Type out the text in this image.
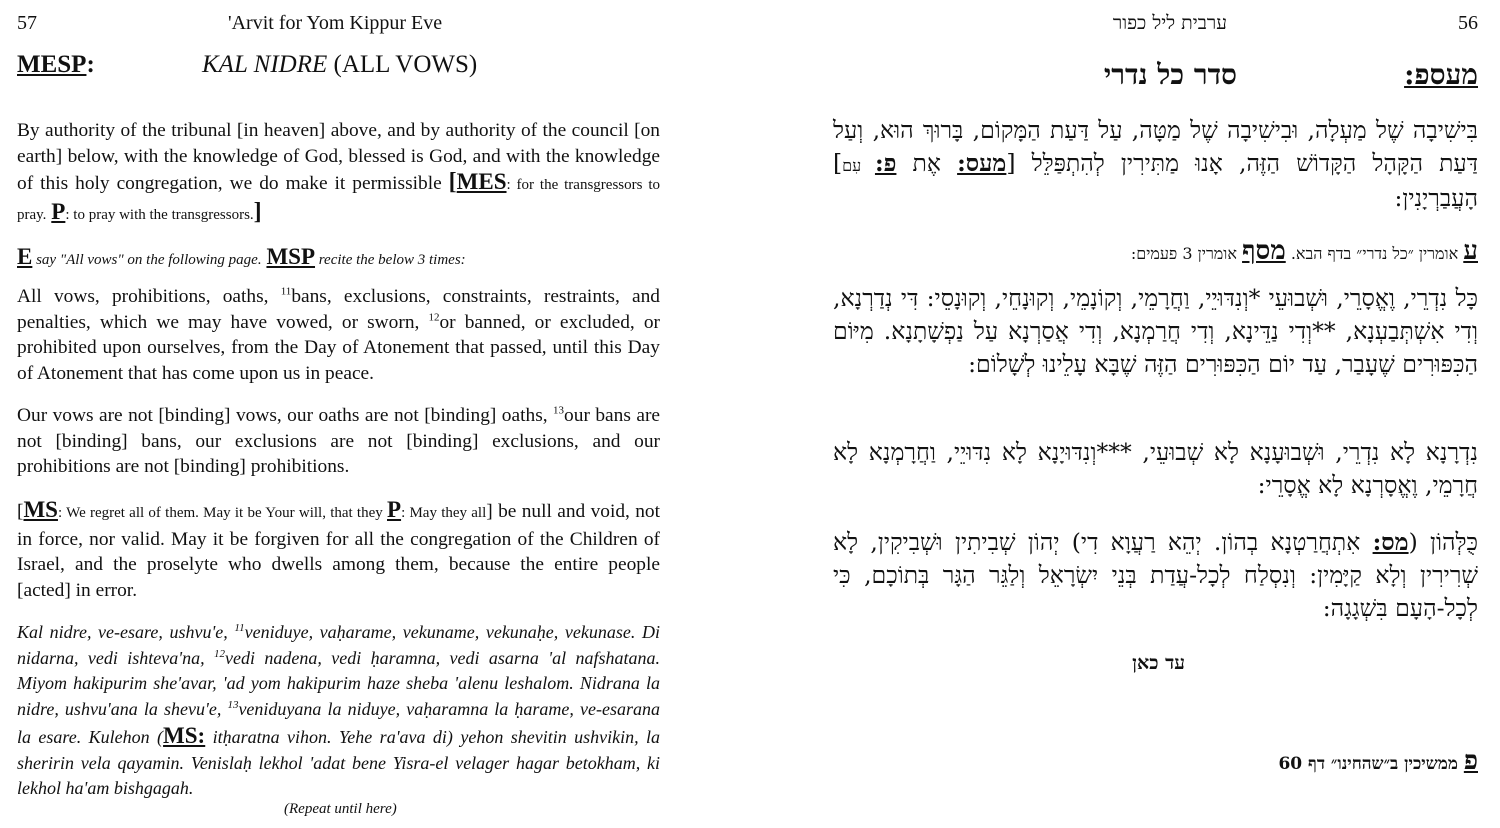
57	'Arvit for Yom Kippur Eve
MESP:	KAL NIDRE (ALL VOWS)
By authority of the tribunal [in heaven] above, and by authority of the council [on earth] below, with the knowledge of God, blessed is God, and with the knowledge of this holy congregation, we do make it permissible [MES: for the transgressors to pray. P: to pray with the transgressors.]
E say "All vows" on the following page. MSP recite the below 3 times:
All vows, prohibitions, oaths, $^{11}$bans, exclusions, constraints, restraints, and penalties, which we may have vowed, or sworn, $^{12}$or banned, or excluded, or prohibited upon ourselves, from the Day of Atonement that passed, until this Day of Atonement that has come upon us in peace.
Our vows are not [binding] vows, our oaths are not [binding] oaths, $^{13}$our bans are not [binding] bans, our exclusions are not [binding] exclusions, and our prohibitions are not [binding] prohibitions.
[MS: We regret all of them. May it be Your will, that they P: May they all] be null and void, not in force, nor valid. May it be forgiven for all the congregation of the Children of Israel, and the proselyte who dwells among them, because the entire people [acted] in error.
Kal nidre, ve-esare, ushvu'e, $^{11}$veniduye, vaḥarame, vekuname, vekunaḥe, vekunase. Di nidarna, vedi ishteva'na, $^{12}$vedi nadena, vedi ḥaramna, vedi asarna 'al nafshatana. Miyom hakipurim she'avar, 'ad yom hakipurim haze sheba 'alenu leshalom. Nidrana la nidre, ushvu'ana la shevu'e, $^{13}$veniduyana la niduye, vaḥaramna la ḥarame, ve-esarana la esare. Kulehon (MS: itḥaratna vihon. Yehe ra'ava di) yehon shevitin ushvikin, la sheririn vela qayamin. Venislaḥ lekhol 'adat bene Yisra-el velager hagar betokham, ki lekhol ha'am bishgagah.
(Repeat until here)
56
ערבית ליל כפור
מעספ:
סדר כל נדרי
בִּישִׁיבָה שֶׁל מַעְלָה, וּבִישִׁיבָה שֶׁל מַטָּה, עַל דַּעַת הַמָּקוֹם, בָּרוּךְ הוּא, וְעַל דַּעַת הַקָּהָל הַקָּדוֹשׁ הַזֶּה, אָנוּ מַתִּירִין לְהִתְפַּלֵּל [מעס: אֶת פ: עִם] הָעֲבַרְיָנִין:
ע אומרין ״כל נדרי״ בדף הבא. מסף אומרין 3 פעמים:
כָּל נִדְרֵי, וֶאֱסָרֵי, וּשְׁבוּעֵי *וְנִדּוּיֵי, וַחֲרָמֵי, וְקוֹנָמֵי, וְקוּנָחֵי, וְקוּנָסֵי: דִּי נְדַרְנָא, וְדִי אִשְׁתְּבַעְנָא, **וְדִי נַדֵּינָא, וְדִי חֲרַמְנָא, וְדִי אֲסַרְנָא עַל נַפְשָׁתָנָא. מִיּוֹם הַכִּפּוּרִים שֶׁעָבַר, עַד יוֹם הַכִּפּוּרִים הַזֶּה שֶׁבָּא עָלֵינוּ לְשָׁלוֹם:
נִדְרָנָא לָא נִדְרֵי, וּשְׁבוּעָנָא לָא שְׁבוּעֵי, ***וְנִדּוּיָנָא לָא נִדּוּיֵי, וַחֲרָמְנָא לָא חֲרָמֵי, וֶאֱסָרְנָא לָא אֱסָרֵי:
כֻּלְּהוֹן (מס: אִתְחֲרַטְנָא בְהוֹן. יְהֵא רַעֲוָא דִי) יְהוֹן שְׁבִיתִין וּשְׁבִיקִין, לָא שְׁרִירִין וְלָא קַיָּמִין: וְנִסְלַח לְכָל-עֲדַת בְּנֵי יִשְׂרָאֵל וְלַגֵּר הַגָּר בְּתוֹכָם, כִּי לְכָל-הָעָם בִּשְׁגָגָה:
עד כאן
פ ממשיכין ב״שהחינו״ דף 60
